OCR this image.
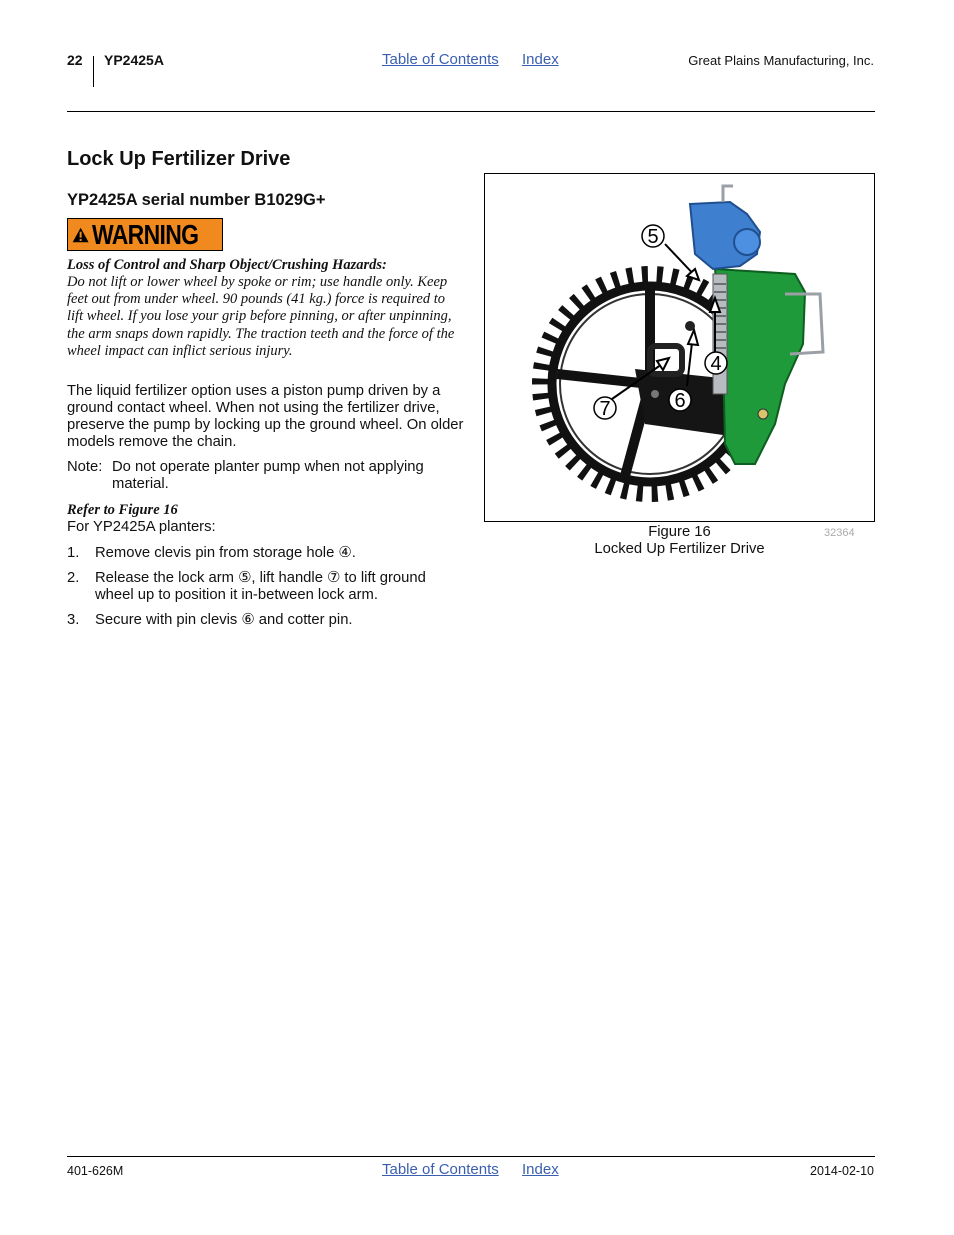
22 YP2425A	Table of Contents Index	Great Plains Manufacturing, Inc.
Lock Up Fertilizer Drive
YP2425A serial number B1029G+
WARNING
Loss of Control and Sharp Object/Crushing Hazards:
Do not lift or lower wheel by spoke or rim; use handle only. Keep feet out from under wheel. 90 pounds (41 kg.) force is required to lift wheel. If you lose your grip before pinning, or after unpinning, the arm snaps down rapidly. The traction teeth and the force of the wheel impact can inflict serious injury.
The liquid fertilizer option uses a piston pump driven by a ground contact wheel. When not using the fertilizer drive, preserve the pump by locking up the ground wheel. On older models remove the chain.
Note: Do not operate planter pump when not applying material.
Refer to Figure 16
For YP2425A planters:
1. Remove clevis pin from storage hole ④.
2. Release the lock arm ⑤, lift handle ⑦ to lift ground wheel up to position it in-between lock arm.
3. Secure with pin clevis ⑥ and cotter pin.
5
4
7	6
Figure 16
Locked Up Fertilizer Drive
32364
401-626M	Table of Contents Index	2014-02-10
